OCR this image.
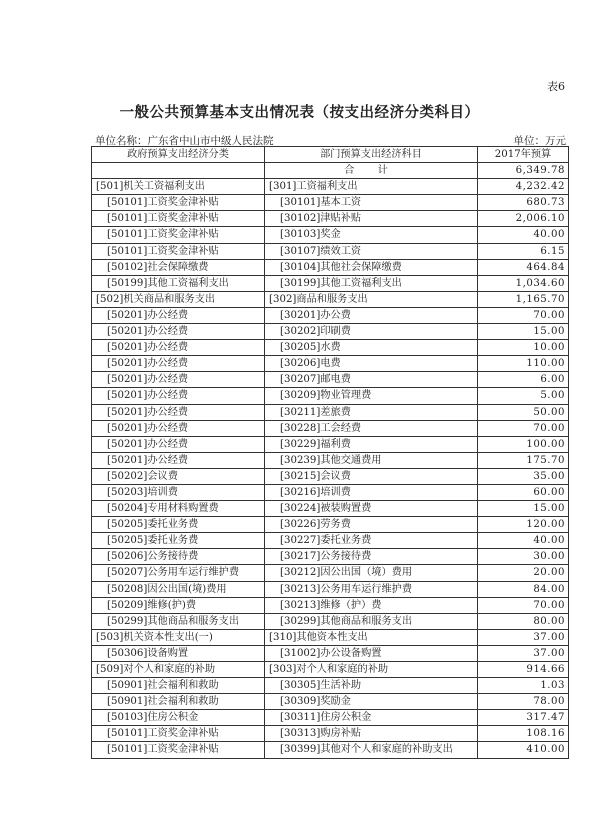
表6
一般公共预算基本支出情况表（按支出经济分类科目）
单位名称：广东省中山市中级人民法院	单位：万元
政府预算支出经济分类	部门预算支出经济科目	2017年预算
	合 计	6,349.78
[501]机关工资福利支出	[301]工资福利支出	4,232.42
[50101]工资奖金津补贴	[30101]基本工资	680.73
[50101]工资奖金津补贴	[30102]津贴补贴	2,006.10
[50101]工资奖金津补贴	[30103]奖金	40.00
[50101]工资奖金津补贴	[30107]绩效工资	6.15
[50102]社会保障缴费	[30104]其他社会保障缴费	464.84
[50199]其他工资福利支出	[30199]其他工资福利支出	1,034.60
[502]机关商品和服务支出	[302]商品和服务支出	1,165.70
[50201]办公经费	[30201]办公费	70.00
[50201]办公经费	[30202]印刷费	15.00
[50201]办公经费	[30205]水费	10.00
[50201]办公经费	[30206]电费	110.00
[50201]办公经费	[30207]邮电费	6.00
[50201]办公经费	[30209]物业管理费	5.00
[50201]办公经费	[30211]差旅费	50.00
[50201]办公经费	[30228]工会经费	70.00
[50201]办公经费	[30229]福利费	100.00
[50201]办公经费	[30239]其他交通费用	175.70
[50202]会议费	[30215]会议费	35.00
[50203]培训费	[30216]培训费	60.00
[50204]专用材料购置费	[30224]被装购置费	15.00
[50205]委托业务费	[30226]劳务费	120.00
[50205]委托业务费	[30227]委托业务费	40.00
[50206]公务接待费	[30217]公务接待费	30.00
[50207]公务用车运行维护费	[30212]因公出国（境）费用	20.00
[50208]因公出国(境)费用	[30213]公务用车运行维护费	84.00
[50209]维修(护)费	[30213]维修（护）费	70.00
[50299]其他商品和服务支出	[30299]其他商品和服务支出	80.00
[503]机关资本性支出(一)	[310]其他资本性支出	37.00
[50306]设备购置	[31002]办公设备购置	37.00
[509]对个人和家庭的补助	[303]对个人和家庭的补助	914.66
[50901]社会福利和救助	[30305]生活补助	1.03
[50901]社会福利和救助	[30309]奖励金	78.00
[50103]住房公积金	[30311]住房公积金	317.47
[50101]工资奖金津补贴	[30313]购房补贴	108.16
[50101]工资奖金津补贴	[30399]其他对个人和家庭的补助支出	410.00
